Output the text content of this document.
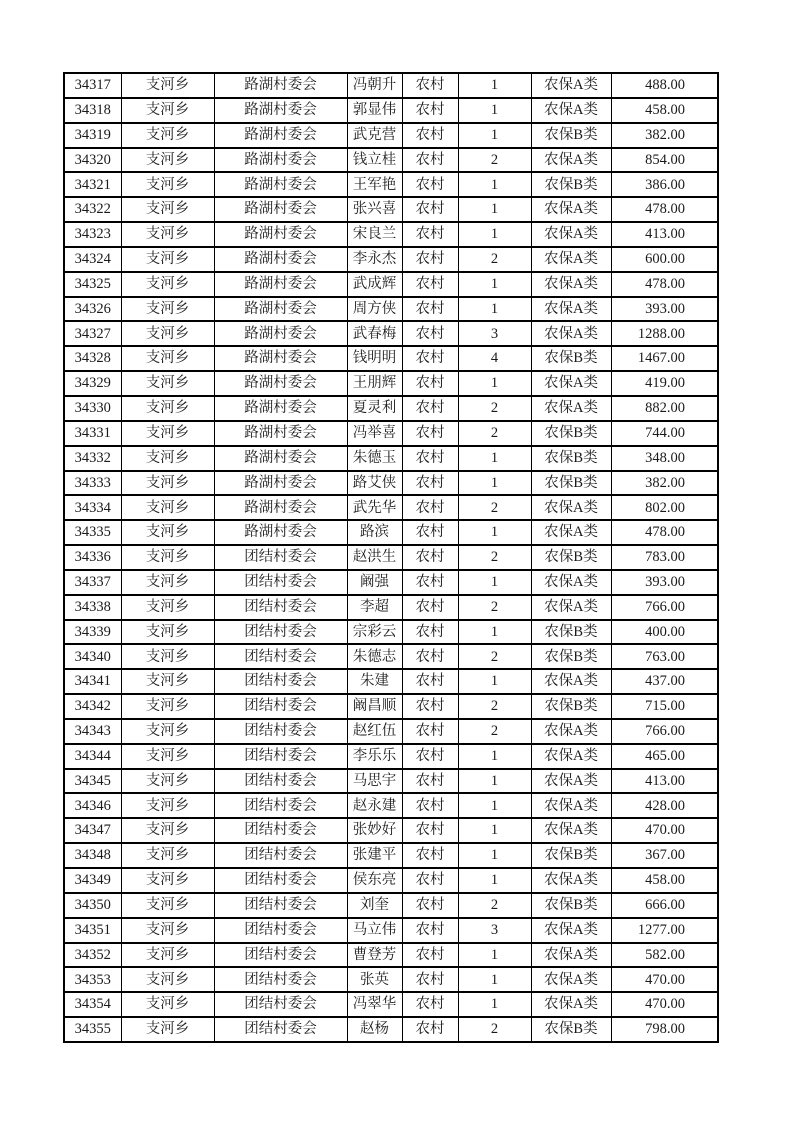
34317	支河乡	路湖村委会	冯朝升	农村	1	农保A类	488.00
34318	支河乡	路湖村委会	郭显伟	农村	1	农保A类	458.00
34319	支河乡	路湖村委会	武克营	农村	1	农保B类	382.00
34320	支河乡	路湖村委会	钱立桂	农村	2	农保A类	854.00
34321	支河乡	路湖村委会	王军艳	农村	1	农保B类	386.00
34322	支河乡	路湖村委会	张兴喜	农村	1	农保A类	478.00
34323	支河乡	路湖村委会	宋良兰	农村	1	农保A类	413.00
34324	支河乡	路湖村委会	李永杰	农村	2	农保A类	600.00
34325	支河乡	路湖村委会	武成辉	农村	1	农保A类	478.00
34326	支河乡	路湖村委会	周方侠	农村	1	农保A类	393.00
34327	支河乡	路湖村委会	武春梅	农村	3	农保A类	1288.00
34328	支河乡	路湖村委会	钱明明	农村	4	农保B类	1467.00
34329	支河乡	路湖村委会	王朋辉	农村	1	农保A类	419.00
34330	支河乡	路湖村委会	夏灵利	农村	2	农保A类	882.00
34331	支河乡	路湖村委会	冯举喜	农村	2	农保B类	744.00
34332	支河乡	路湖村委会	朱德玉	农村	1	农保B类	348.00
34333	支河乡	路湖村委会	路艾侠	农村	1	农保B类	382.00
34334	支河乡	路湖村委会	武先华	农村	2	农保A类	802.00
34335	支河乡	路湖村委会	路滨	农村	1	农保A类	478.00
34336	支河乡	团结村委会	赵洪生	农村	2	农保B类	783.00
34337	支河乡	团结村委会	阚强	农村	1	农保A类	393.00
34338	支河乡	团结村委会	李超	农村	2	农保A类	766.00
34339	支河乡	团结村委会	宗彩云	农村	1	农保B类	400.00
34340	支河乡	团结村委会	朱德志	农村	2	农保B类	763.00
34341	支河乡	团结村委会	朱建	农村	1	农保A类	437.00
34342	支河乡	团结村委会	阚昌顺	农村	2	农保B类	715.00
34343	支河乡	团结村委会	赵红伍	农村	2	农保A类	766.00
34344	支河乡	团结村委会	李乐乐	农村	1	农保A类	465.00
34345	支河乡	团结村委会	马思宇	农村	1	农保A类	413.00
34346	支河乡	团结村委会	赵永建	农村	1	农保A类	428.00
34347	支河乡	团结村委会	张妙好	农村	1	农保A类	470.00
34348	支河乡	团结村委会	张建平	农村	1	农保B类	367.00
34349	支河乡	团结村委会	侯东亮	农村	1	农保A类	458.00
34350	支河乡	团结村委会	刘奎	农村	2	农保B类	666.00
34351	支河乡	团结村委会	马立伟	农村	3	农保A类	1277.00
34352	支河乡	团结村委会	曹登芳	农村	1	农保A类	582.00
34353	支河乡	团结村委会	张英	农村	1	农保A类	470.00
34354	支河乡	团结村委会	冯翠华	农村	1	农保A类	470.00
34355	支河乡	团结村委会	赵杨	农村	2	农保B类	798.00
